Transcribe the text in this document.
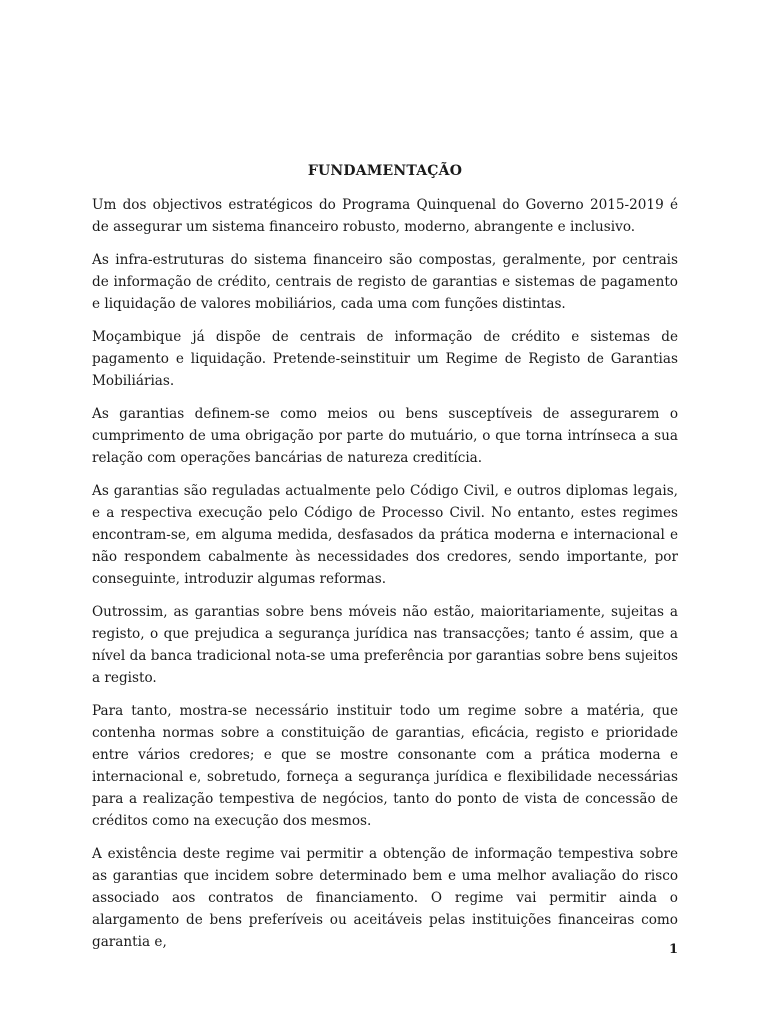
FUNDAMENTAÇÃO

Um dos objectivos estratégicos do Programa Quinquenal do Governo 2015-2019 é de assegurar um sistema financeiro robusto, moderno, abrangente e inclusivo.

As infra-estruturas do sistema financeiro são compostas, geralmente, por centrais de informação de crédito, centrais de registo de garantias e sistemas de pagamento e liquidação de valores mobiliários, cada uma com funções distintas.

Moçambique já dispõe de centrais de informação de crédito e sistemas de pagamento e liquidação. Pretende-seinstituir um Regime de Registo de Garantias Mobiliárias.

As garantias definem-se como meios ou bens susceptíveis de assegurarem o cumprimento de uma obrigação por parte do mutuário, o que torna intrínseca a sua relação com operações bancárias de natureza creditícia.

As garantias são reguladas actualmente pelo Código Civil, e outros diplomas legais, e a respectiva execução pelo Código de Processo Civil. No entanto, estes regimes encontram-se, em alguma medida, desfasados da prática moderna e internacional e não respondem cabalmente às necessidades dos credores, sendo importante, por conseguinte, introduzir algumas reformas.

Outrossim, as garantias sobre bens móveis não estão, maioritariamente, sujeitas a registo, o que prejudica a segurança jurídica nas transacções; tanto é assim, que a nível da banca tradicional nota-se uma preferência por garantias sobre bens sujeitos a registo.

Para tanto, mostra-se necessário instituir todo um regime sobre a matéria, que contenha normas sobre a constituição de garantias, eficácia, registo e prioridade entre vários credores; e que se mostre consonante com a prática moderna e internacional e, sobretudo, forneça a segurança jurídica e flexibilidade necessárias para a realização tempestiva de negócios, tanto do ponto de vista de concessão de créditos como na execução dos mesmos.

A existência deste regime vai permitir a obtenção de informação tempestiva sobre as garantias que incidem sobre determinado bem e uma melhor avaliação do risco associado aos contratos de financiamento. O regime vai permitir ainda o alargamento de bens preferíveis ou aceitáveis pelas instituições financeiras como garantia e,	1
